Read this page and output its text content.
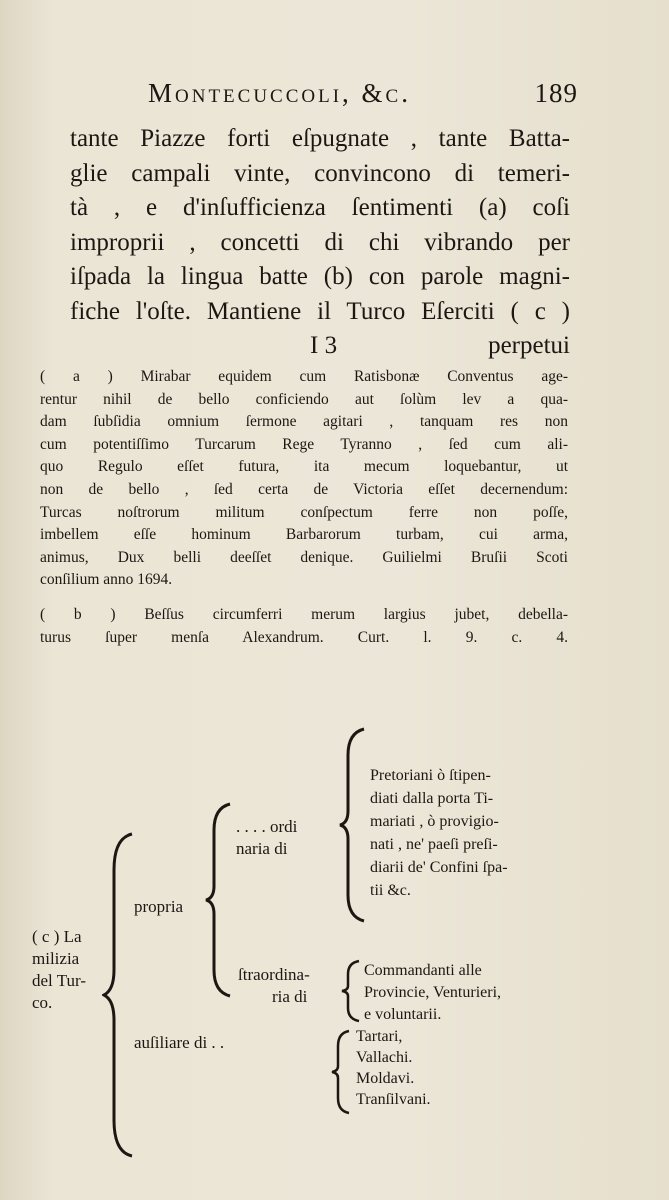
Montecuccoli, &c.	189
tante Piazze forti eſpugnate , tante Batta-
glie campali vinte, convincono di temeri-
tà , e d'inſufficienza ſentimenti (a) coſi
improprii , concetti di chi vibrando per
iſpada la lingua batte (b) con parole magni-
fiche l'oſte. Mantiene il Turco Eſerciti ( c )
I 3	perpetui
( a ) Mirabar equidem cum Ratisbonæ Conventus age-
rentur nihil de bello conficiendo aut ſolùm lev a qua-
dam ſubſidia omnium ſermone agitari , tanquam res non
cum potentiſſimo Turcarum Rege Tyranno , ſed cum ali-
quo Regulo eſſet futura, ita mecum loquebantur, ut
non de bello , ſed certa de Victoria eſſet decernendum:
Turcas noſtrorum militum conſpectum ferre non poſſe,
imbellem eſſe hominum Barbarorum turbam, cui arma,
animus, Dux belli deeſſet denique. Guilielmi Bruſii Scoti
conſilium anno 1694.
( b ) Beſſus circumferri merum largius jubet, debella-
turus ſuper menſa Alexandrum. Curt. l. 9. c. 4.
( c ) La
milizia
del Tur-
co.
propria
. . . . ordi
naria di
Pretoriani ò ſtipen-
diati dalla porta Ti-
mariati , ò provigio-
nati , ne' paeſi preſi-
diarii de' Confini ſpa-
tii &c.
ſtraordina-
ria di
Commandanti alle
Provincie, Venturieri,
e voluntarii.
auſiliare di . .	Tartari,
Vallachi.
Moldavi.
Tranſilvani.
